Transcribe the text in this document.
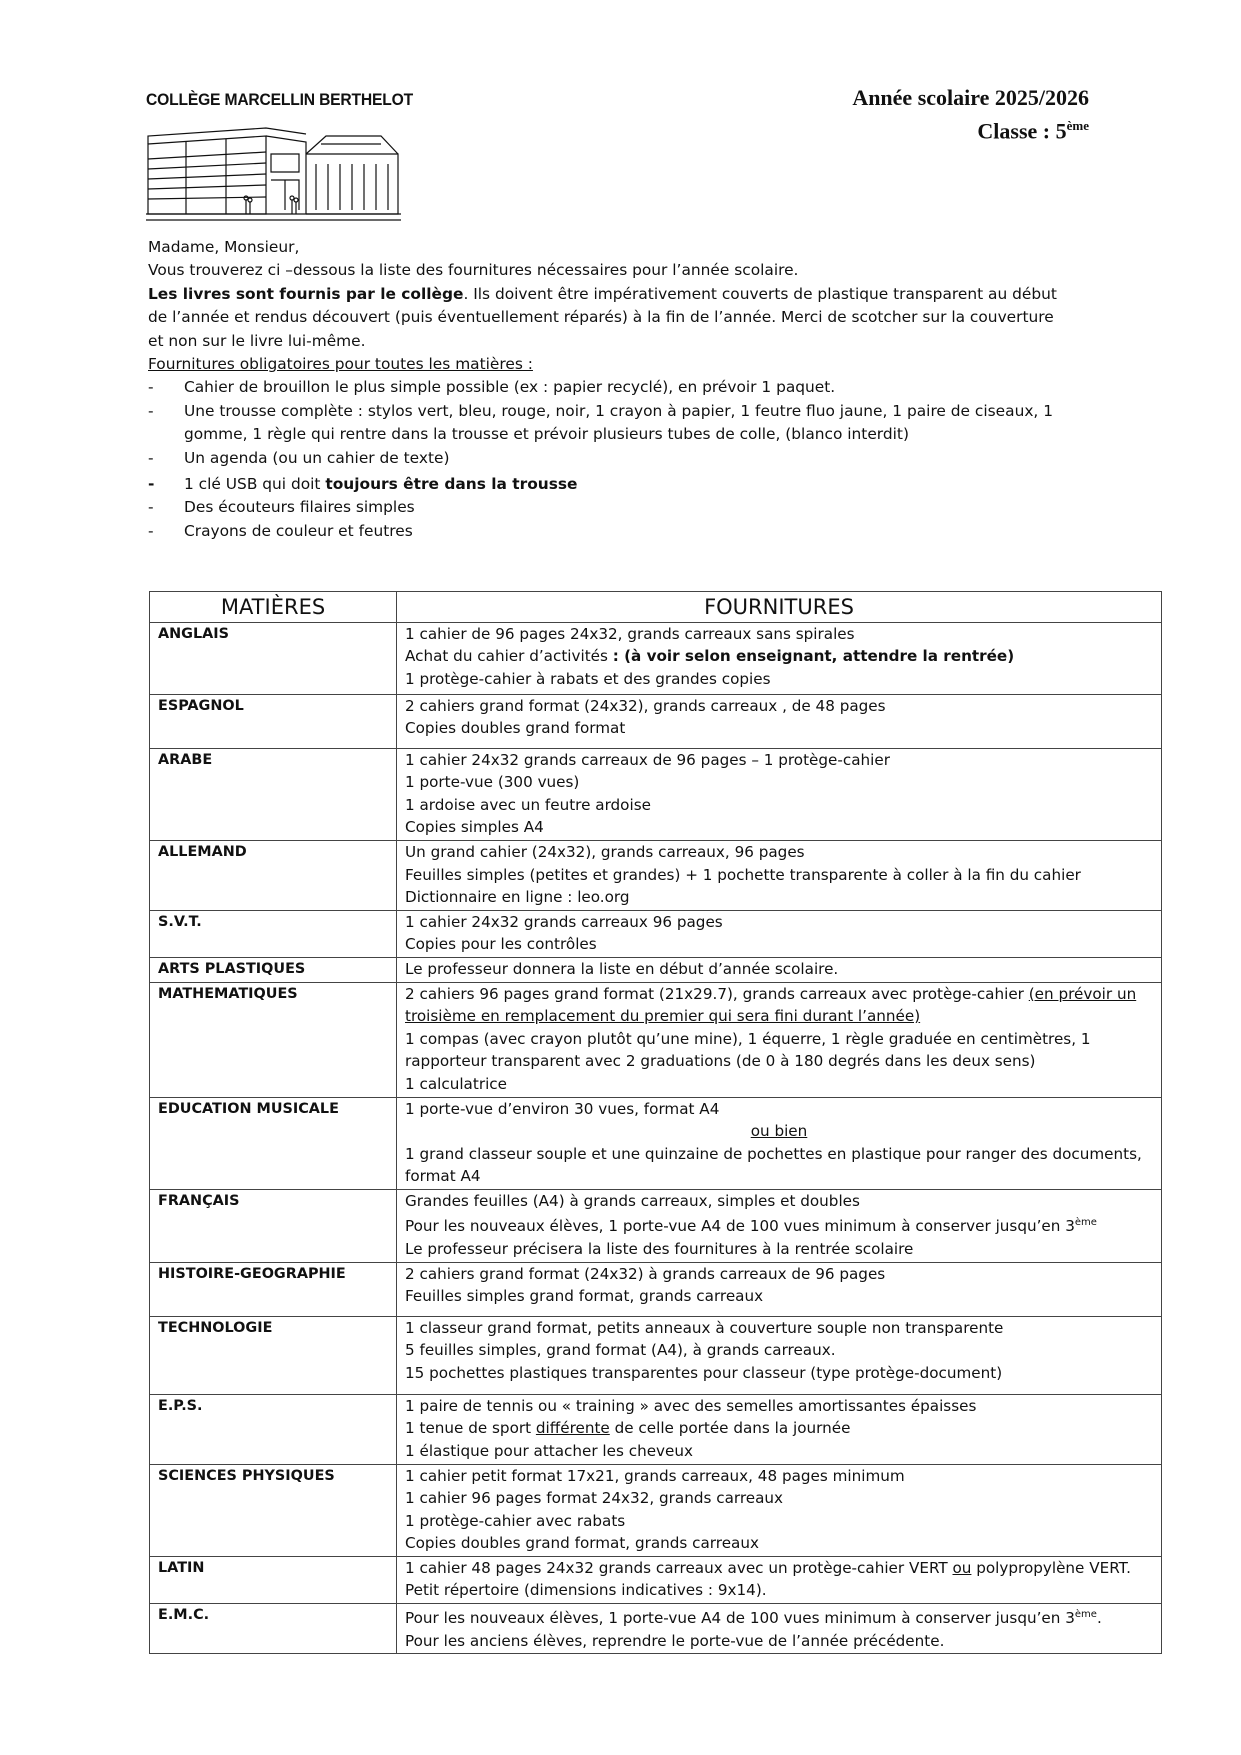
COLLÈGE MARCELLIN BERTHELOT	Année scolaire 2025/2026
Classe : 5ème

Madame, Monsieur,

Vous trouverez ci –dessous la liste des fournitures nécessaires pour l’année scolaire.

Les livres sont fournis par le collège. Ils doivent être impérativement couverts de plastique transparent au début de l’année et rendus découvert (puis éventuellement réparés) à la fin de l’année. Merci de scotcher sur la couverture et non sur le livre lui-même.

Fournitures obligatoires pour toutes les matières :

- Cahier de brouillon le plus simple possible (ex : papier recyclé), en prévoir 1 paquet.
- Une trousse complète : stylos vert, bleu, rouge, noir, 1 crayon à papier, 1 feutre fluo jaune, 1 paire de ciseaux, 1 gomme, 1 règle qui rentre dans la trousse et prévoir plusieurs tubes de colle, (blanco interdit)
- Un agenda (ou un cahier de texte)
- 1 clé USB qui doit toujours être dans la trousse
- Des écouteurs filaires simples
- Crayons de couleur et feutres
MATIÈRES	FOURNITURES
ANGLAIS	1 cahier de 96 pages 24x32, grands carreaux sans spirales
Achat du cahier d’activités : (à voir selon enseignant, attendre la rentrée)
1 protège-cahier à rabats et des grandes copies

ESPAGNOL	2 cahiers grand format (24x32), grands carreaux , de 48 pages
Copies doubles grand format

ARABE	1 cahier 24x32 grands carreaux de 96 pages – 1 protège-cahier
1 porte-vue (300 vues)
1 ardoise avec un feutre ardoise
Copies simples A4

ALLEMAND	Un grand cahier (24x32), grands carreaux, 96 pages
Feuilles simples (petites et grandes) + 1 pochette transparente à coller à la fin du cahier
Dictionnaire en ligne : leo.org

S.V.T.	1 cahier 24x32 grands carreaux 96 pages
Copies pour les contrôles

ARTS PLASTIQUES	Le professeur donnera la liste en début d’année scolaire.

MATHEMATIQUES	2 cahiers 96 pages grand format (21x29.7), grands carreaux avec protège-cahier (en prévoir un troisième en remplacement du premier qui sera fini durant l’année)
1 compas (avec crayon plutôt qu’une mine), 1 équerre, 1 règle graduée en centimètres, 1 rapporteur transparent avec 2 graduations (de 0 à 180 degrés dans les deux sens)
1 calculatrice

EDUCATION MUSICALE	1 porte-vue d’environ 30 vues, format A4
ou bien
1 grand classeur souple et une quinzaine de pochettes en plastique pour ranger des documents, format A4

FRANÇAIS	Grandes feuilles (A4) à grands carreaux, simples et doubles
Pour les nouveaux élèves, 1 porte-vue A4 de 100 vues minimum à conserver jusqu’en 3ème
Le professeur précisera la liste des fournitures à la rentrée scolaire

HISTOIRE-GEOGRAPHIE	2 cahiers grand format (24x32) à grands carreaux de 96 pages
Feuilles simples grand format, grands carreaux

TECHNOLOGIE	1 classeur grand format, petits anneaux à couverture souple non transparente
5 feuilles simples, grand format (A4), à grands carreaux.
15 pochettes plastiques transparentes pour classeur (type protège-document)

E.P.S.	1 paire de tennis ou « training » avec des semelles amortissantes épaisses
1 tenue de sport différente de celle portée dans la journée
1 élastique pour attacher les cheveux

SCIENCES PHYSIQUES	1 cahier petit format 17x21, grands carreaux, 48 pages minimum
1 cahier 96 pages format 24x32, grands carreaux
1 protège-cahier avec rabats
Copies doubles grand format, grands carreaux

LATIN	1 cahier 48 pages 24x32 grands carreaux avec un protège-cahier VERT ou polypropylène VERT.
Petit répertoire (dimensions indicatives : 9x14).

E.M.C.	Pour les nouveaux élèves, 1 porte-vue A4 de 100 vues minimum à conserver jusqu’en 3ème.
Pour les anciens élèves, reprendre le porte-vue de l’année précédente.
